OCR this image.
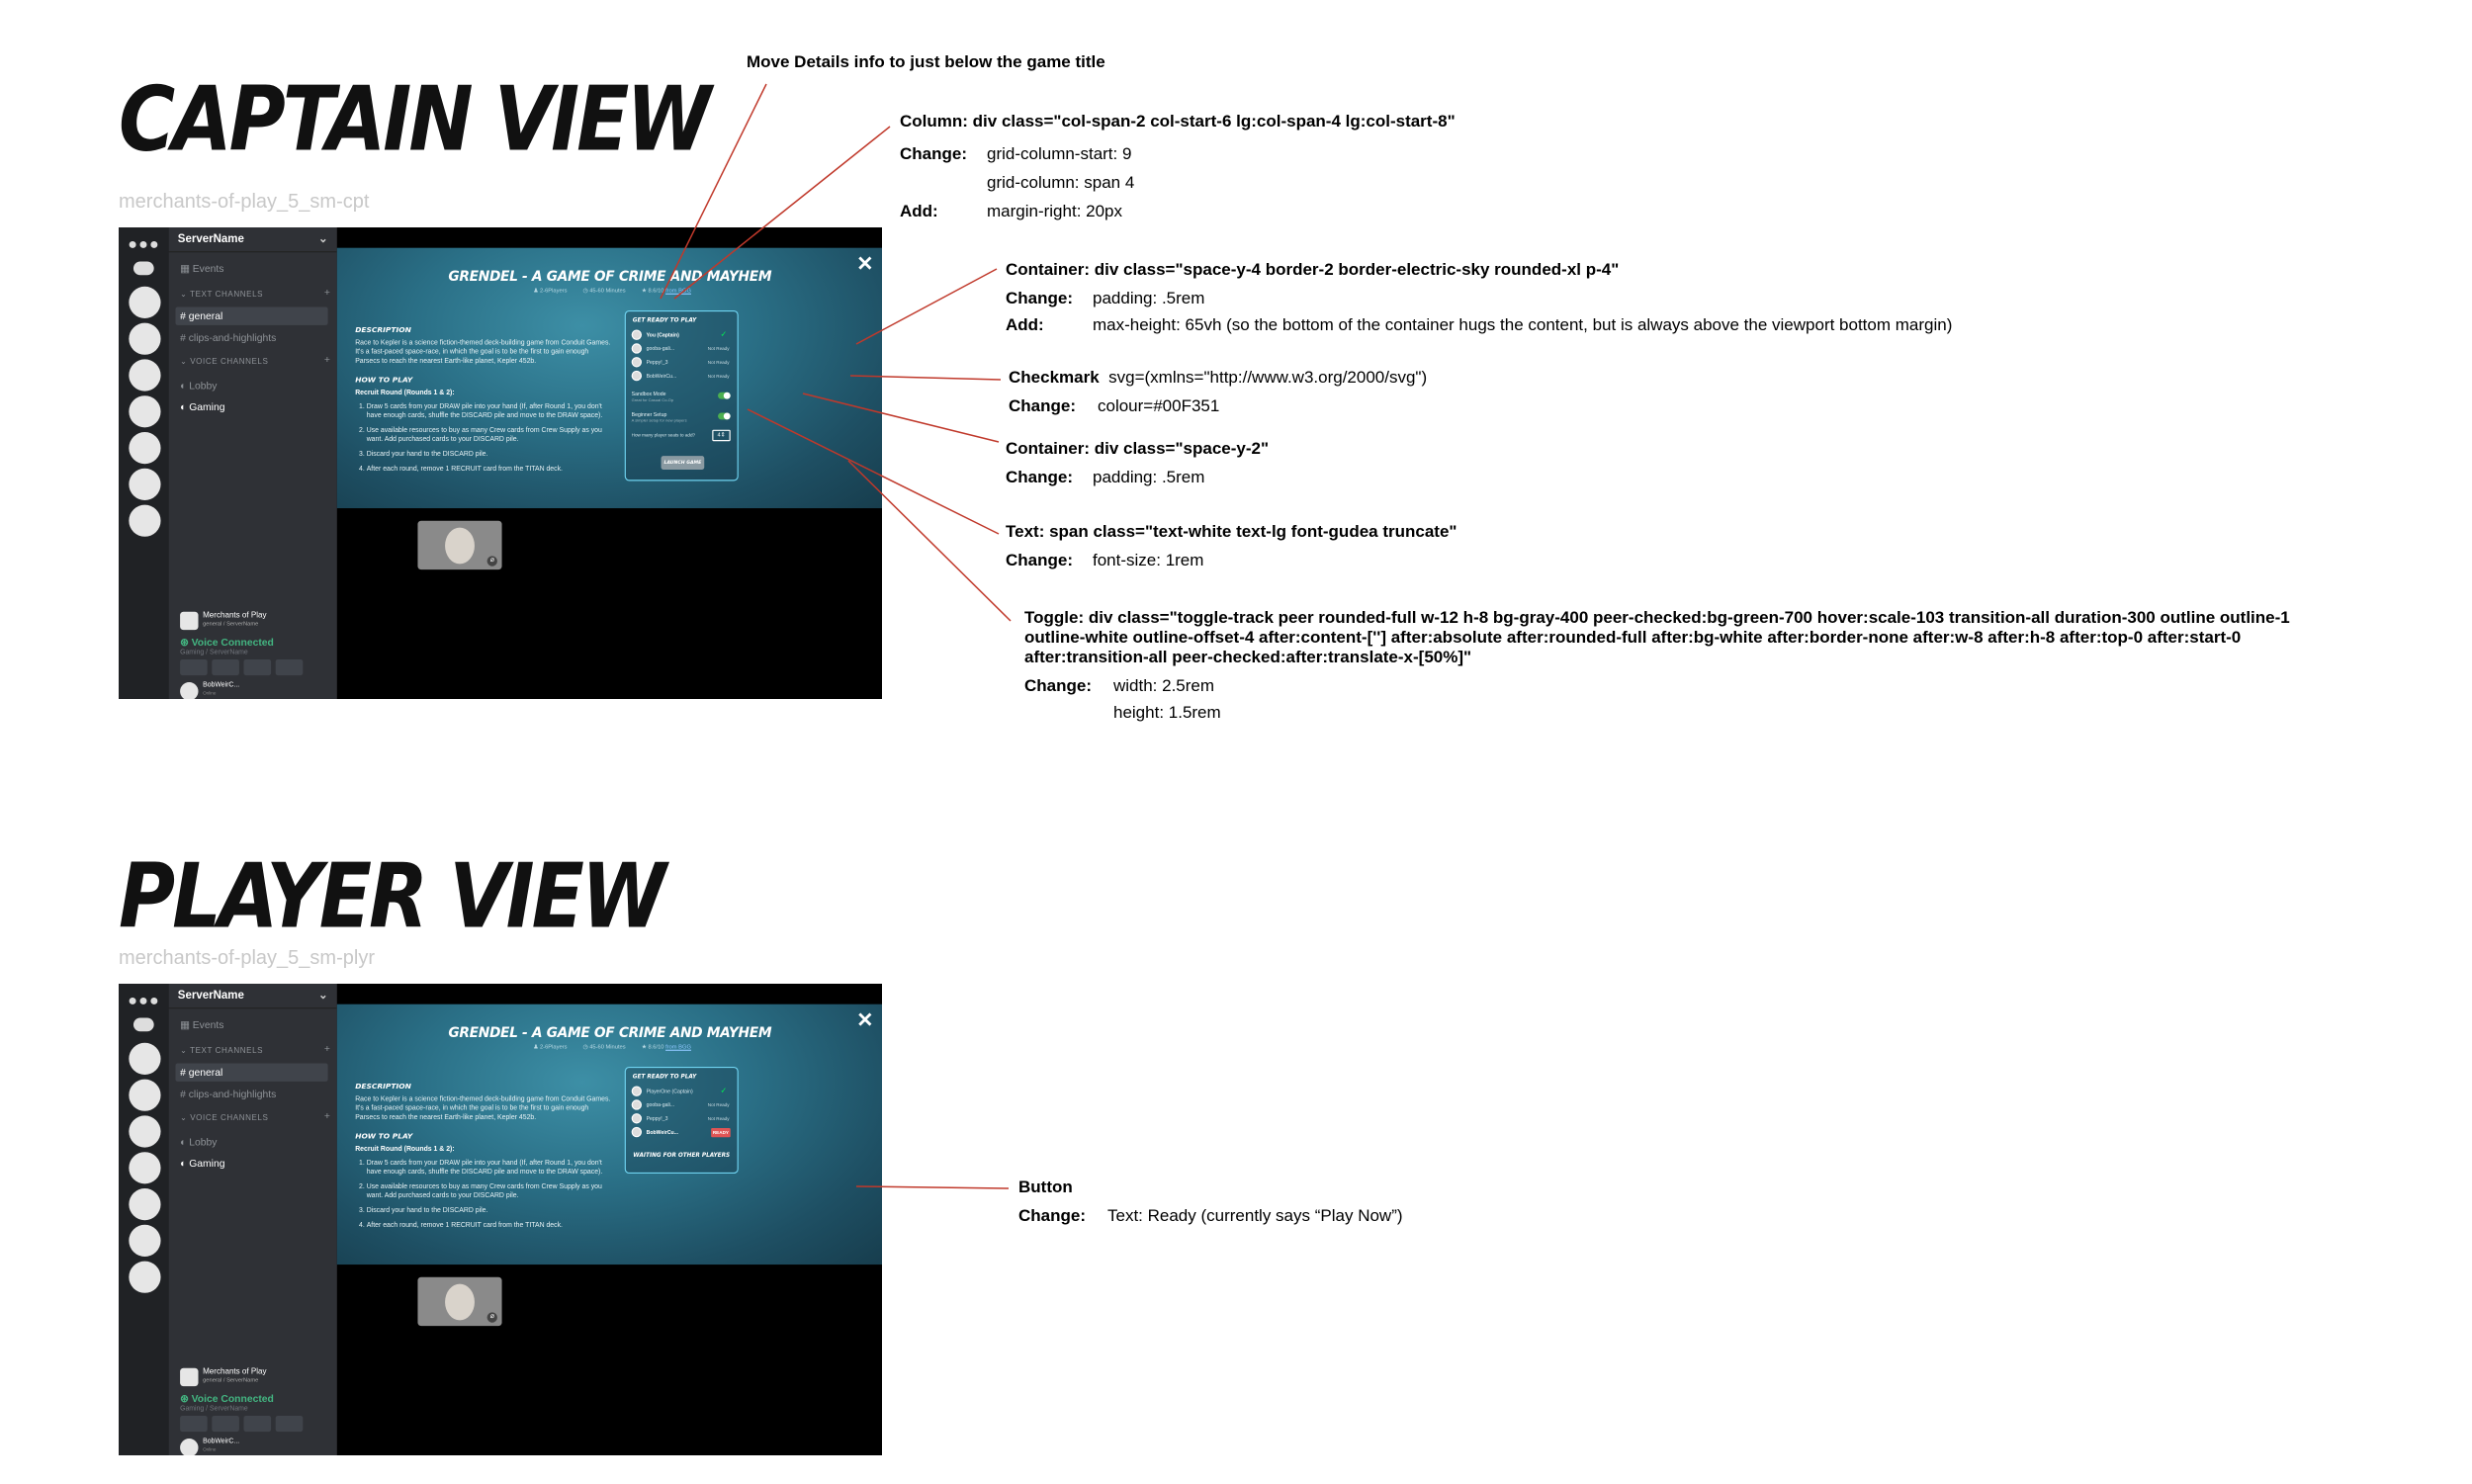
CAPTAIN VIEW
merchants-of-play_5_sm-cpt
●●●	ServerName	⌄
▦ Events
⌄ TEXT CHANNELS	+
# general
# clips-and-highlights
⌄ VOICE CHANNELS	+
◐ Lobby
◐ Gaming
Merchants of Play
general / ServerName
⊛ Voice Connected
Gaming / ServerName
BobWeirC...
Online
✕
GRENDEL - A GAME OF CRIME AND MAYHEM
♟ 2-6Players	◷ 45-60 Minutes	★ 8.6/10 from BGG
DESCRIPTION
Race to Kepler is a science fiction-themed deck-building game from Conduit Games. It's a fast-paced space-race, in which the goal is to be the first to gain enough Parsecs to reach the nearest Earth-like planet, Kepler 452b.
HOW TO PLAY
Recruit Round (Rounds 1 & 2):
1. Draw 5 cards from your DRAW pile into your hand (If, after Round 1, you don't have enough cards, shuffle the DISCARD pile and move to the DRAW space).
2. Use available resources to buy as many Crew cards from Crew Supply as you want. Add purchased cards to your DISCARD pile.
3. Discard your hand to the DISCARD pile.
4. After each round, remove 1 RECRUIT card from the TITAN deck.
GET READY TO PLAY
You (Captain)	✓
gooba-gali...	Not Ready
Peppy!_3	Not Ready
BobWeirCu...	Not Ready
Sandbox Mode
Great for Casual Co-Op
Beginner Setup
A simpler setup for new players
How many player seats to add?	4⇕
LAUNCH GAME
⌀
PLAYER VIEW
merchants-of-play_5_sm-plyr
●●●	ServerName	⌄
▦ Events
⌄ TEXT CHANNELS	+
# general
# clips-and-highlights
⌄ VOICE CHANNELS	+
◐ Lobby
◐ Gaming
Merchants of Play
general / ServerName
⊛ Voice Connected
Gaming / ServerName
BobWeirC...
Online
✕
GRENDEL - A GAME OF CRIME AND MAYHEM
♟ 2-6Players	◷ 45-60 Minutes	★ 8.6/10 from BGG
DESCRIPTION
Race to Kepler is a science fiction-themed deck-building game from Conduit Games. It's a fast-paced space-race, in which the goal is to be the first to gain enough Parsecs to reach the nearest Earth-like planet, Kepler 452b.
HOW TO PLAY
Recruit Round (Rounds 1 & 2):
1. Draw 5 cards from your DRAW pile into your hand (If, after Round 1, you don't have enough cards, shuffle the DISCARD pile and move to the DRAW space).
2. Use available resources to buy as many Crew cards from Crew Supply as you want. Add purchased cards to your DISCARD pile.
3. Discard your hand to the DISCARD pile.
4. After each round, remove 1 RECRUIT card from the TITAN deck.
GET READY TO PLAY
PlayerOne (Captain)	✓
gooba-gali...	Not Ready
Peppy!_3	Not Ready
BobWeirCu...	READY
WAITING FOR OTHER PLAYERS
⌀
Move Details info to just below the game title
Column: div class="col-span-2 col-start-6 lg:col-span-4 lg:col-start-8"
Change: grid-column-start: 9
grid-column: span 4
Add:	margin-right: 20px
Container: div class="space-y-4 border-2 border-electric-sky rounded-xl p-4"
Change: padding: .5rem
Add:	max-height: 65vh (so the bottom of the container hugs the content, but is always above the viewport bottom margin)
Checkmark svg=(xmlns="http://www.w3.org/2000/svg")
Change: colour=#00F351
Container: div class="space-y-2"
Change: padding: .5rem
Text: span class="text-white text-lg font-gudea truncate"
Change: font-size: 1rem
Toggle: div class="toggle-track peer rounded-full w-12 h-8 bg-gray-400 peer-checked:bg-green-700 hover:scale-103 transition-all duration-300 outline outline-1 outline-white outline-offset-4 after:content-[''] after:absolute after:rounded-full after:bg-white after:border-none after:w-8 after:h-8 after:top-0 after:start-0 after:transition-all peer-checked:after:translate-x-[50%]"
Change: width: 2.5rem
height: 1.5rem
Button
Change: Text: Ready (currently says “Play Now”)
